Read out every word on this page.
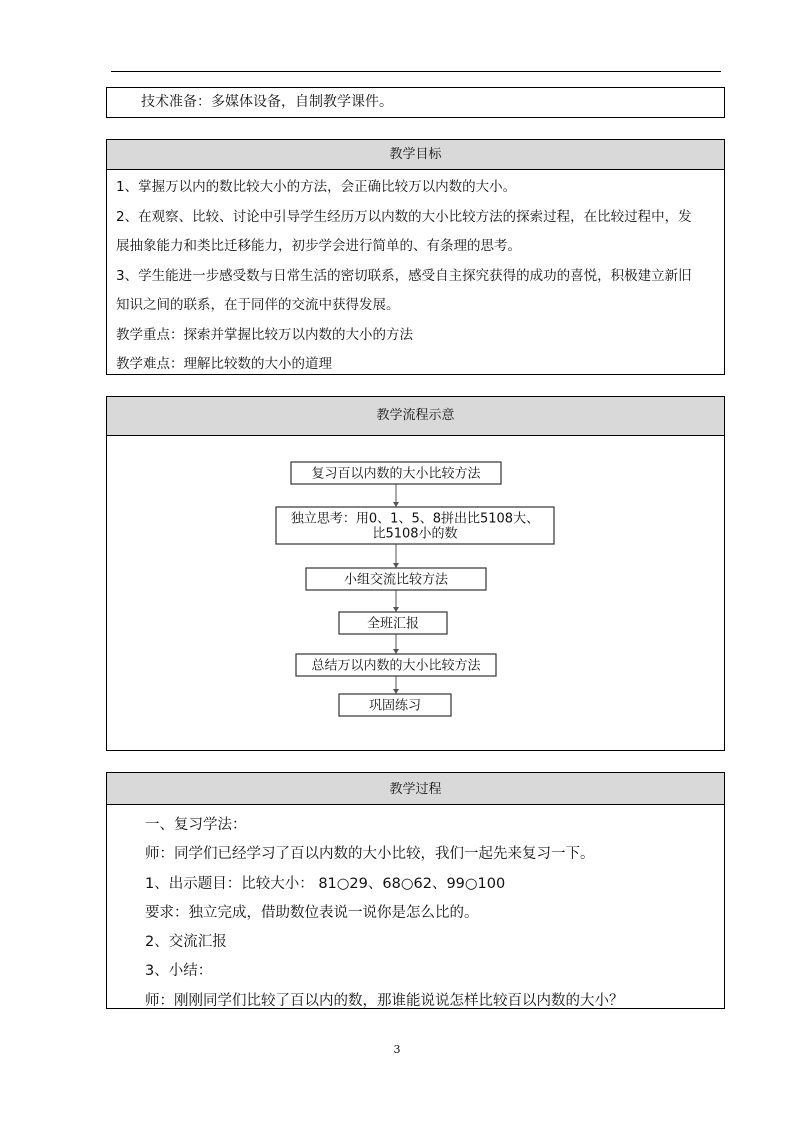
技术准备：多媒体设备，自制教学课件。
教学目标
1、掌握万以内的数比较大小的方法，会正确比较万以内数的大小。
2、在观察、比较、讨论中引导学生经历万以内数的大小比较方法的探索过程，在比较过程中，发
展抽象能力和类比迁移能力，初步学会进行简单的、有条理的思考。
3、学生能进一步感受数与日常生活的密切联系，感受自主探究获得的成功的喜悦，积极建立新旧
知识之间的联系，在于同伴的交流中获得发展。
教学重点：探索并掌握比较万以内数的大小的方法
教学难点：理解比较数的大小的道理
教学流程示意
复习百以内数的大小比较方法
独立思考：用0、1、5、8拼出比5108大、
比5108小的数
小组交流比较方法
全班汇报
总结万以内数的大小比较方法
巩固练习
教学过程
一、复习学法：
师：同学们已经学习了百以内数的大小比较，我们一起先来复习一下。
1、出示题目：比较大小： 81○29、68○62、99○100
要求：独立完成，借助数位表说一说你是怎么比的。
2、交流汇报
3、小结：
师：刚刚同学们比较了百以内的数，那谁能说说怎样比较百以内数的大小？
3
